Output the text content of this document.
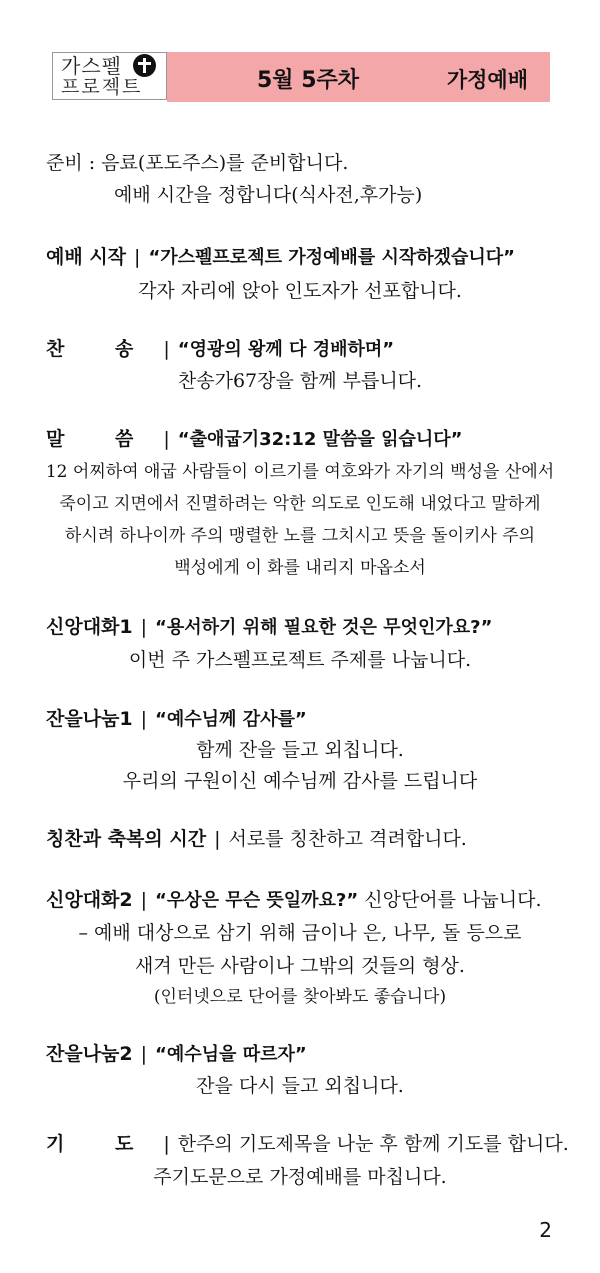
가스펠
프로젝트	5월 5주차	가정예배
준비 : 음료(포도주스)를 준비합니다.
예배 시간을 정합니다(식사전,후가능)
예배 시작 | “가스펠프로젝트 가정예배를 시작하겠습니다”
각자 자리에 앉아 인도자가 선포합니다.
찬 송 | “영광의 왕께 다 경배하며”
찬송가67장을 함께 부릅니다.
말 씀 | “출애굽기32:12 말씀을 읽습니다”
12 어찌하여 애굽 사람들이 이르기를 여호와가 자기의 백성을 산에서
죽이고 지면에서 진멸하려는 악한 의도로 인도해 내었다고 말하게
하시려 하나이까 주의 맹렬한 노를 그치시고 뜻을 돌이키사 주의
백성에게 이 화를 내리지 마옵소서
신앙대화1 | “용서하기 위해 필요한 것은 무엇인가요?”
이번 주 가스펠프로젝트 주제를 나눕니다.
잔을나눔1 | “예수님께 감사를”
함께 잔을 들고 외칩니다.
우리의 구원이신 예수님께 감사를 드립니다
칭찬과 축복의 시간 | 서로를 칭찬하고 격려합니다.
신앙대화2 | “우상은 무슨 뜻일까요?” 신앙단어를 나눕니다.
– 예배 대상으로 삼기 위해 금이나 은, 나무, 돌 등으로
새겨 만든 사람이나 그밖의 것들의 형상.
(인터넷으로 단어를 찾아봐도 좋습니다)
잔을나눔2 | “예수님을 따르자”
잔을 다시 들고 외칩니다.
기 도 | 한주의 기도제목을 나눈 후 함께 기도를 합니다.
주기도문으로 가정예배를 마칩니다.
2
